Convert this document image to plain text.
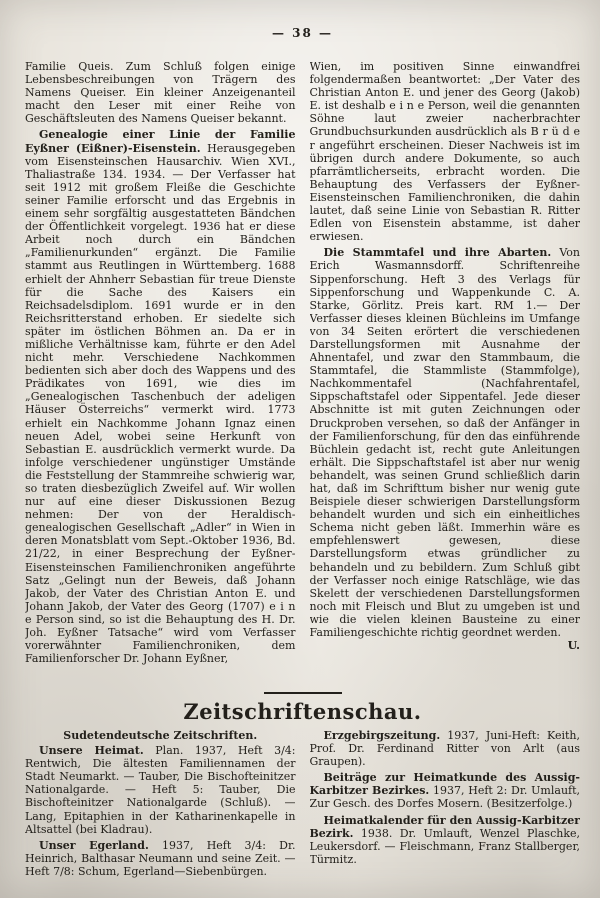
— 38 —

Familie Queis. Zum Schluß folgen einige Lebensbeschreibungen von Trägern des Namens Queiser. Ein kleiner Anzeigenanteil macht den Leser mit einer Reihe von Geschäftsleuten des Namens Queiser bekannt.

Genealogie einer Linie der Familie Eyßner (Eißner)-Eisenstein. Herausgegeben vom Eisensteinschen Hausarchiv. Wien XVI., Thaliastraße 134. 1934. — Der Verfasser hat seit 1912 mit großem Fleiße die Geschichte seiner Familie erforscht und das Ergebnis in einem sehr sorgfältig ausgestatteten Bändchen der Öffentlichkeit vorgelegt. 1936 hat er diese Arbeit noch durch ein Bändchen „Familienurkunden“ ergänzt. Die Familie stammt aus Reutlingen in Württemberg. 1688 erhielt der Ahnherr Sebastian für treue Dienste für die Sache des Kaisers ein Reichsadelsdiplom. 1691 wurde er in den Reichsritterstand erhoben. Er siedelte sich später im östlichen Böhmen an. Da er in mißliche Verhältnisse kam, führte er den Adel nicht mehr. Verschiedene Nachkommen bedienten sich aber doch des Wappens und des Prädikates von 1691, wie dies im „Genealogischen Taschenbuch der adeligen Häuser Österreichs“ vermerkt wird. 1773 erhielt ein Nachkomme Johann Ignaz einen neuen Adel, wobei seine Herkunft von Sebastian E. ausdrücklich vermerkt wurde. Da infolge verschiedener ungünstiger Umstände die Feststellung der Stammreihe schwierig war, so traten diesbezüglich Zweifel auf. Wir wollen nur auf eine dieser Diskussionen Bezug nehmen: Der von der Heraldisch-genealogischen Gesellschaft „Adler“ in Wien in deren Monatsblatt vom Sept.-Oktober 1936, Bd. 21/22, in einer Besprechung der Eyßner-Eisensteinschen Familienchroniken angeführte Satz „Gelingt nun der Beweis, daß Johann Jakob, der Vater des Christian Anton E. und Johann Jakob, der Vater des Georg (1707) e i n e Person sind, so ist die Behauptung des H. Dr. Joh. Eyßner Tatsache“ wird vom Verfasser vorerwähnter Familienchroniken, dem Familienforscher Dr. Johann Eyßner,

Wien, im positiven Sinne einwandfrei folgendermaßen beantwortet: „Der Vater des Christian Anton E. und jener des Georg (Jakob) E. ist deshalb e i n e Person, weil die genannten Söhne laut zweier nacherbrachter Grundbuchsurkunden ausdrücklich als B r ü d e r angeführt erscheinen. Dieser Nachweis ist im übrigen durch andere Dokumente, so auch pfarrämtlicherseits, erbracht worden. Die Behauptung des Verfassers der Eyßner-Eisensteinschen Familienchroniken, die dahin lautet, daß seine Linie von Sebastian R. Ritter Edlen von Eisenstein abstamme, ist daher erwiesen.

Die Stammtafel und ihre Abarten. Von Erich Wasmannsdorff. Schriftenreihe Sippenforschung. Heft 3 des Verlags für Sippenforschung und Wappenkunde C. A. Starke, Görlitz. Preis kart. RM 1.— Der Verfasser dieses kleinen Büchleins im Umfange von 34 Seiten erörtert die verschiedenen Darstellungsformen mit Ausnahme der Ahnentafel, und zwar den Stammbaum, die Stammtafel, die Stammliste (Stammfolge), Nachkommentafel (Nachfahrentafel, Sippschaftstafel oder Sippentafel. Jede dieser Abschnitte ist mit guten Zeichnungen oder Druckproben versehen, so daß der Anfänger in der Familienforschung, für den das einführende Büchlein gedacht ist, recht gute Anleitungen erhält. Die Sippschaftstafel ist aber nur wenig behandelt, was seinen Grund schließlich darin hat, daß im Schrifttum bisher nur wenig gute Beispiele dieser schwierigen Darstellungsform behandelt wurden und sich ein einheitliches Schema nicht geben läßt. Immerhin wäre es empfehlenswert gewesen, diese Darstellungsform etwas gründlicher zu behandeln und zu bebildern. Zum Schluß gibt der Verfasser noch einige Ratschläge, wie das Skelett der verschiedenen Darstellungsformen noch mit Fleisch und Blut zu umgeben ist und wie die vielen kleinen Bausteine zu einer Familiengeschichte richtig geordnet werden.
U.

Zeitschriftenschau.

Sudetendeutsche Zeitschriften.

Unsere Heimat. Plan. 1937, Heft 3/4: Rentwich, Die ältesten Familiennamen der Stadt Neumarkt. — Tauber, Die Bischofteinitzer Nationalgarde. — Heft 5: Tauber, Die Bischofteinitzer Nationalgarde (Schluß). — Lang, Epitaphien in der Katharinenkapelle in Altsattel (bei Kladrau).

Unser Egerland. 1937, Heft 3/4: Dr. Heinrich, Balthasar Neumann und seine Zeit. — Heft 7/8: Schum, Egerland—Siebenbürgen.

Erzgebirgszeitung. 1937, Juni-Heft: Keith, Prof. Dr. Ferdinand Ritter von Arlt (aus Graupen).

Beiträge zur Heimatkunde des Aussig-Karbitzer Bezirkes. 1937, Heft 2: Dr. Umlauft, Zur Gesch. des Dorfes Mosern. (Besitzerfolge.)

Heimatkalender für den Aussig-Karbitzer Bezirk. 1938. Dr. Umlauft, Wenzel Plaschke, Leukersdorf. — Fleischmann, Franz Stallberger, Türmitz.
